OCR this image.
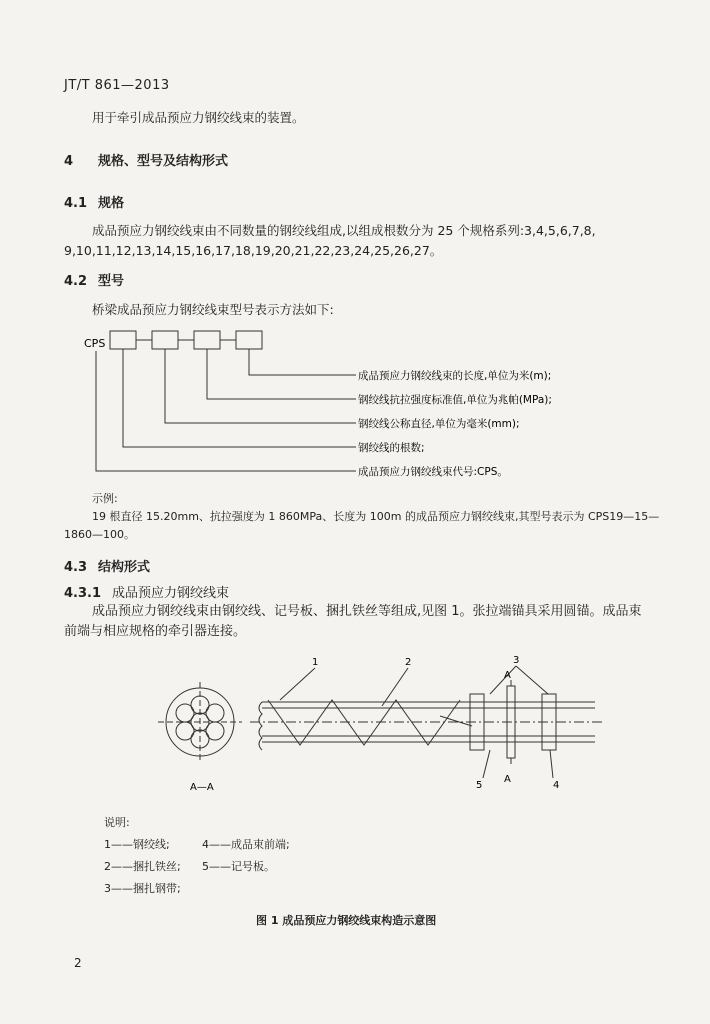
JT/T 861—2013
用于牵引成品预应力钢绞线束的装置。
4 规格、型号及结构形式
4.1 规格
成品预应力钢绞线束由不同数量的钢绞线组成,以组成根数分为 25 个规格系列:3,4,5,6,7,8,
9,10,11,12,13,14,15,16,17,18,19,20,21,22,23,24,25,26,27。
4.2 型号
桥梁成品预应力钢绞线束型号表示方法如下:
CPS
成品预应力钢绞线束的长度,单位为米(m);
钢绞线抗拉强度标准值,单位为兆帕(MPa);
钢绞线公称直径,单位为毫米(mm);
钢绞线的根数;
成品预应力钢绞线束代号:CPS。
示例:
19 根直径 15.20mm、抗拉强度为 1 860MPa、长度为 100m 的成品预应力钢绞线束,其型号表示为 CPS19—15—
1860—100。
4.3 结构形式
4.3.1 成品预应力钢绞线束
成品预应力钢绞线束由钢绞线、记号板、捆扎铁丝等组成,见图 1。张拉端锚具采用圆锚。成品束
前端与相应规格的牵引器连接。
A—A
1	2	3
5	4
A
A
说明:
1——钢绞线;	4——成品束前端;
2——捆扎铁丝; 5——记号板。
3——捆扎钢带;
图 1 成品预应力钢绞线束构造示意图
2
